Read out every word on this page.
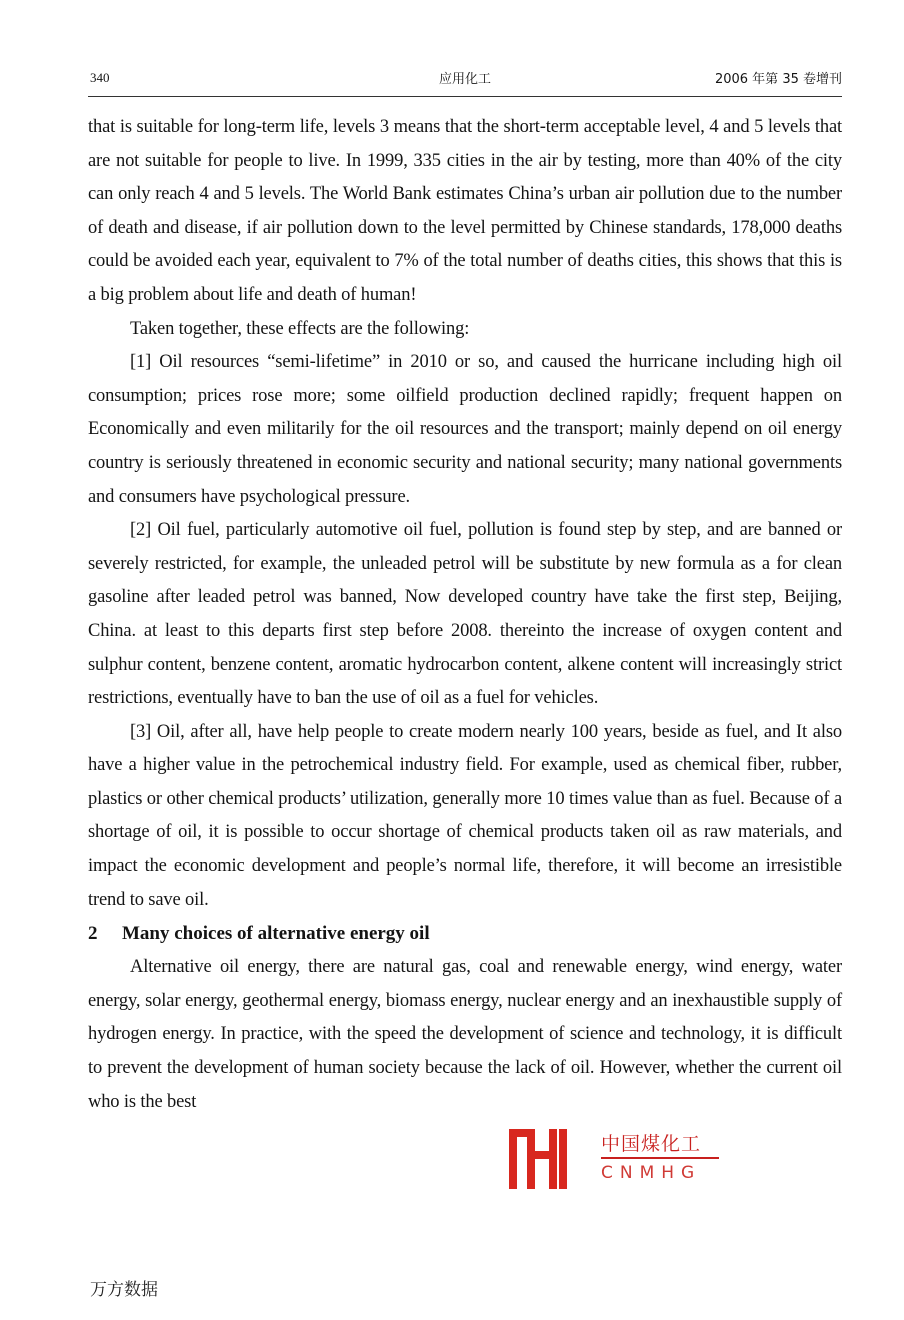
340	应用化工	2006 年第 35 卷增刊

that is suitable for long-term life, levels 3 means that the short-term acceptable level, 4 and 5 levels that are not suitable for people to live. In 1999, 335 cities in the air by testing, more than 40% of the city can only reach 4 and 5 levels. The World Bank estimates China’s urban air pollution due to the number of death and disease, if air pollution down to the level permitted by Chinese standards, 178,000 deaths could be avoided each year, equivalent to 7% of the total number of deaths cities, this shows that this is a big problem about life and death of human!

Taken together, these effects are the following:

[1] Oil resources “semi-lifetime” in 2010 or so, and caused the hurricane including high oil consumption; prices rose more; some oilfield production declined rapidly; frequent happen on Economically and even militarily for the oil resources and the transport; mainly depend on oil energy country is seriously threatened in economic security and national security; many national governments and consumers have psychological pressure.

[2] Oil fuel, particularly automotive oil fuel, pollution is found step by step, and are banned or severely restricted, for example, the unleaded petrol will be substitute by new formula as a for clean gasoline after leaded petrol was banned, Now developed country have take the first step, Beijing, China. at least to this departs first step before 2008. thereinto the increase of oxygen content and sulphur content, benzene content, aromatic hydrocarbon content, alkene content will increasingly strict restrictions, eventually have to ban the use of oil as a fuel for vehicles.

[3] Oil, after all, have help people to create modern nearly 100 years, beside as fuel, and It also have a higher value in the petrochemical industry field. For example, used as chemical fiber, rubber, plastics or other chemical products’ utilization, generally more 10 times value than as fuel. Because of a shortage of oil, it is possible to occur shortage of chemical products taken oil as raw materials, and impact the economic development and people’s normal life, therefore, it will become an irresistible trend to save oil.

2 Many choices of alternative energy oil

Alternative oil energy, there are natural gas, coal and renewable energy, wind energy, water energy, solar energy, geothermal energy, biomass energy, nuclear energy and an inexhaustible supply of hydrogen energy. In practice, with the speed the development of science and technology, it is difficult to prevent the development of human society because the lack of oil. However, whether the current oil who is the best

中国煤化工
CNMHG
万方数据
